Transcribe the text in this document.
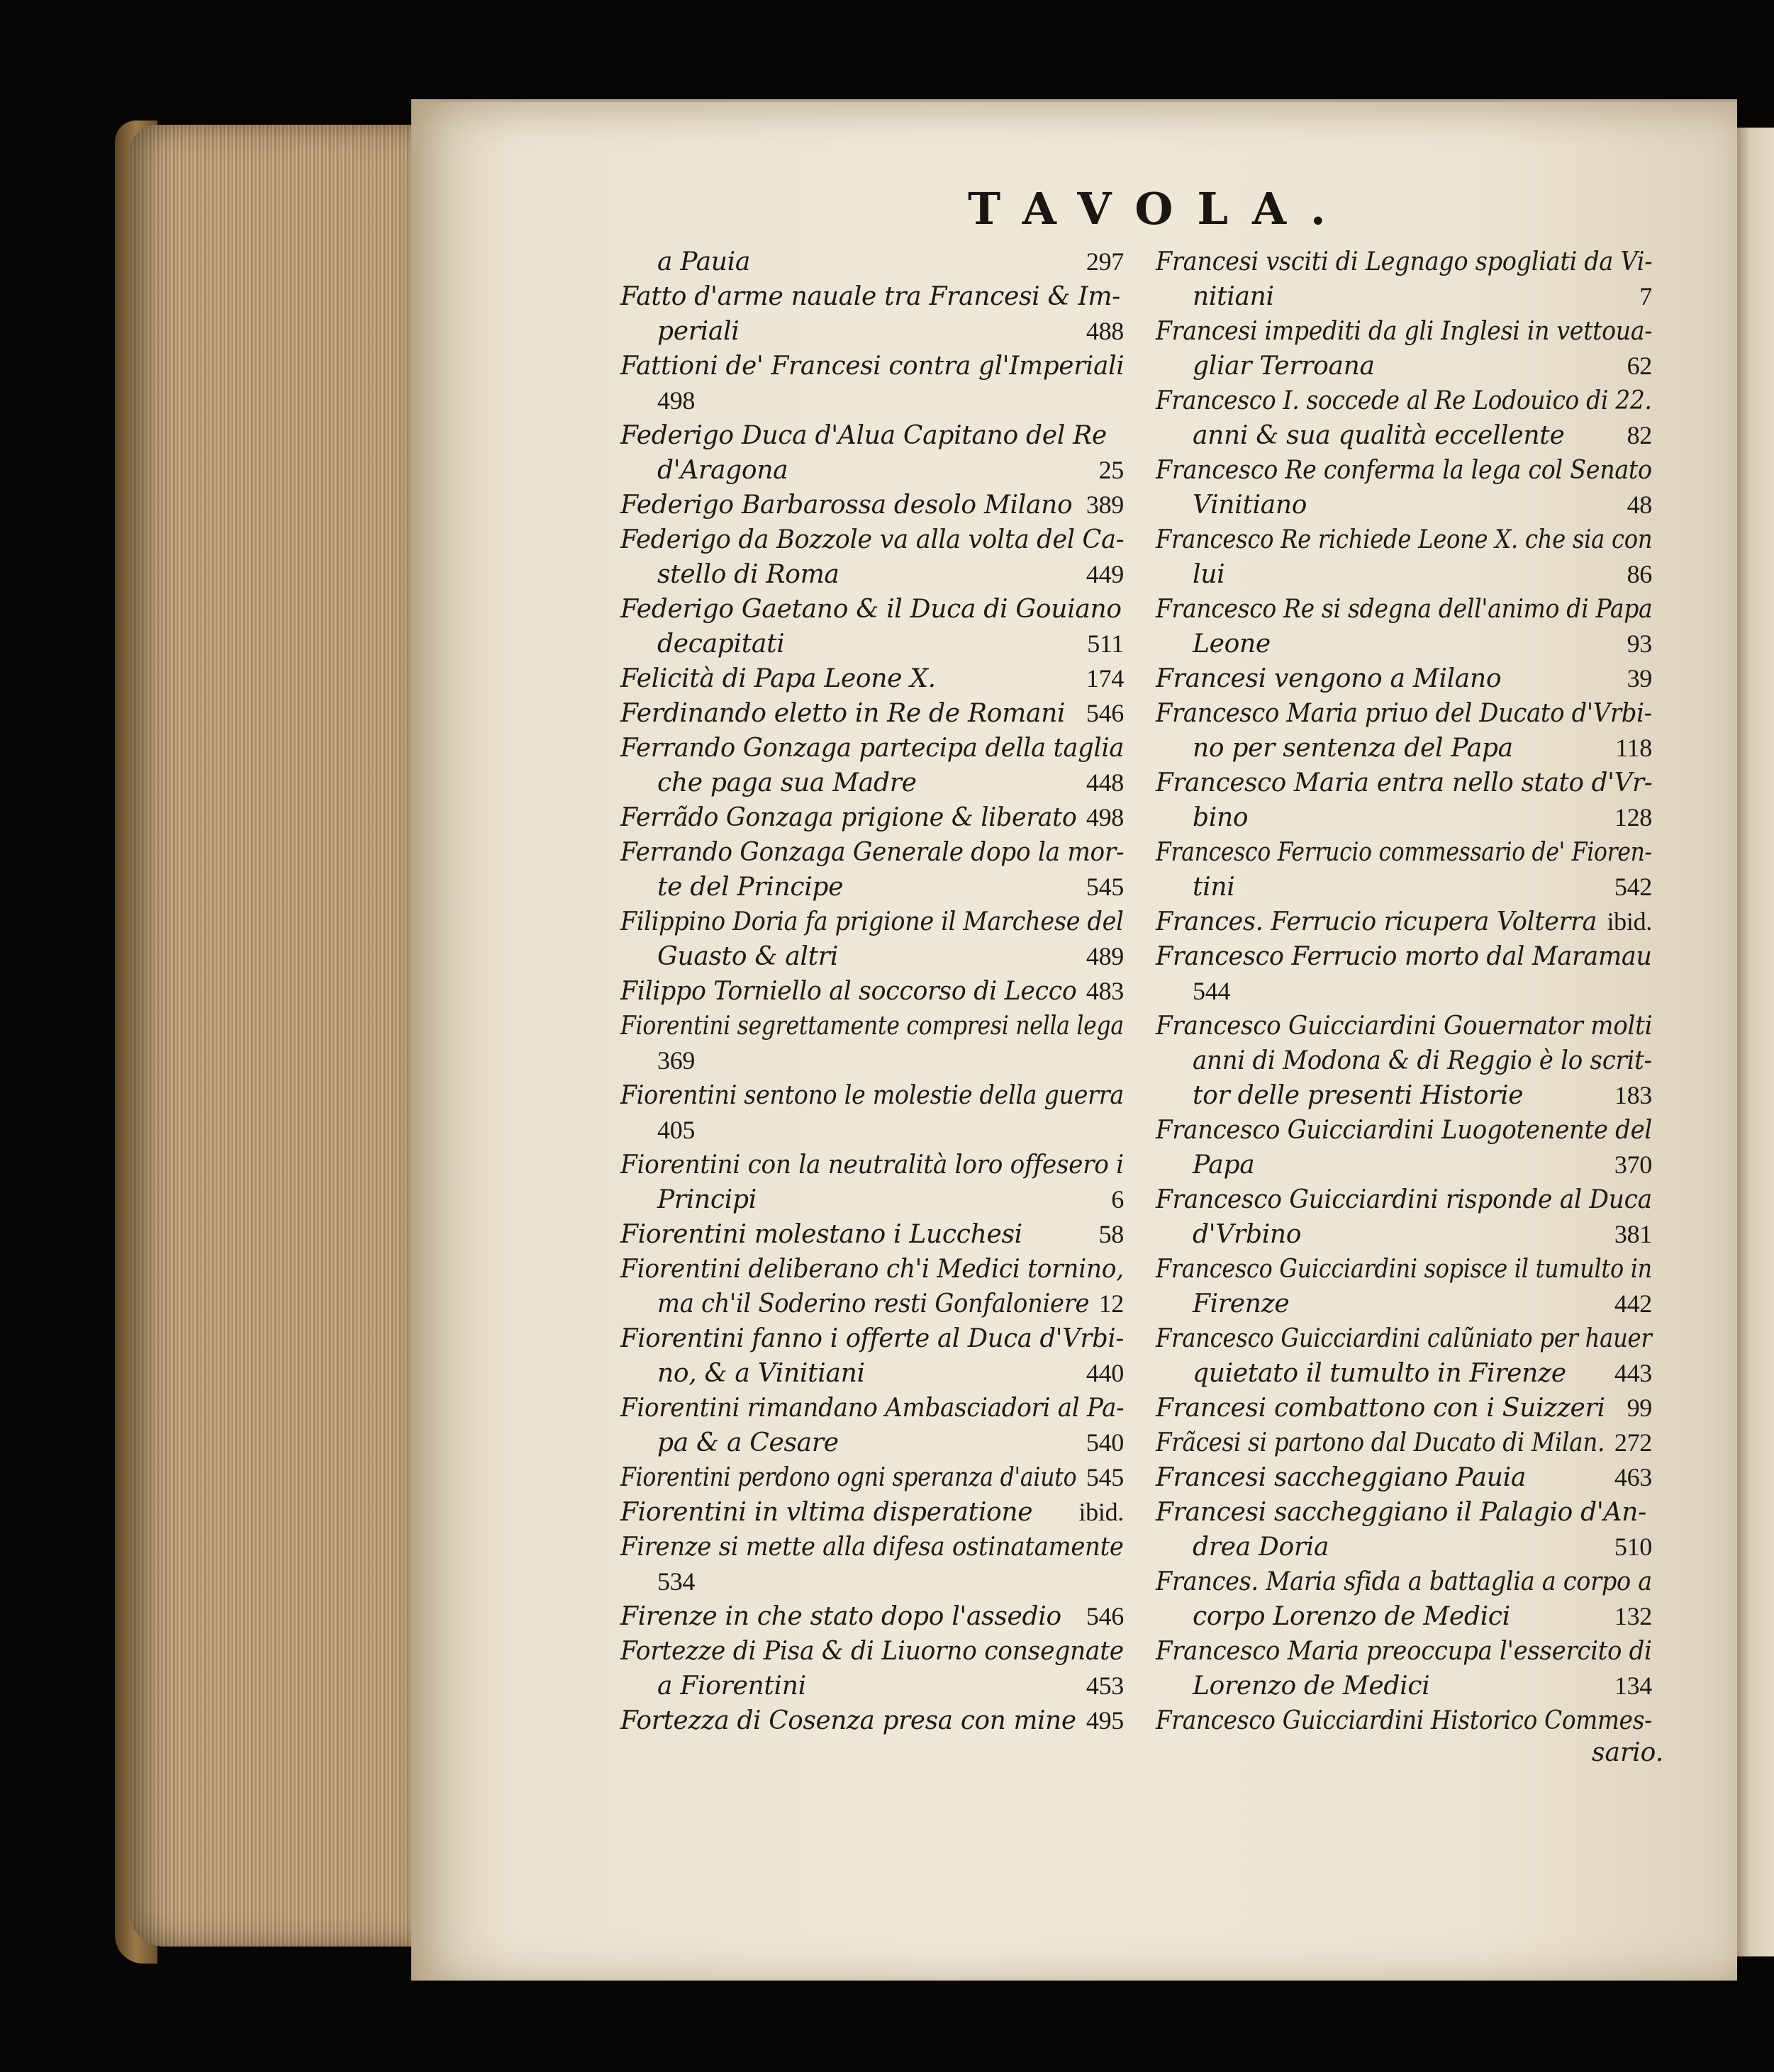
TAVOLA.
a Pauia	297
Fatto d'arme nauale tra Francesi & Im-
periali	488
Fattioni de' Francesi contra gl'Imperiali
498
Federigo Duca d'Alua Capitano del Re
d'Aragona	25
Federigo Barbarossa desolo Milano 389
Federigo da Bozzole va alla volta del Ca-
stello di Roma	449
Federigo Gaetano & il Duca di Gouiano
decapitati	511
Felicità di Papa Leone X.	174
Ferdinando eletto in Re de Romani 546
Ferrando Gonzaga partecipa della taglia
che paga sua Madre	448
Ferrãdo Gonzaga prigione & liberato 498
Ferrando Gonzaga Generale dopo la mor-
te del Principe	545
Filippino Doria fa prigione il Marchese del
Guasto & altri	489
Filippo Torniello al soccorso di Lecco 483
Fiorentini segrettamente compresi nella lega
369
Fiorentini sentono le molestie della guerra
405
Fiorentini con la neutralità loro offesero i
Principi	6
Fiorentini molestano i Lucchesi	58
Fiorentini deliberano ch'i Medici tornino,
ma ch'il Soderino resti Gonfaloniere 12
Fiorentini fanno i offerte al Duca d'Vrbi-
no, & a Vinitiani	440
Fiorentini rimandano Ambasciadori al Pa-
pa & a Cesare	540
Fiorentini perdono ogni speranza d'aiuto 545
Fiorentini in vltima disperatione ibid.
Firenze si mette alla difesa ostinatamente
534
Firenze in che stato dopo l'assedio 546
Fortezze di Pisa & di Liuorno consegnate
a Fiorentini	453
Fortezza di Cosenza presa con mine 495
Francesi vsciti di Legnago spogliati da Vi-
nitiani	7
Francesi impediti da gli Inglesi in vettoua-
gliar Terroana	62
Francesco I. soccede al Re Lodouico di 22.
anni & sua qualità eccellente 82
Francesco Re conferma la lega col Senato
Vinitiano	48
Francesco Re richiede Leone X. che sia con
lui	86
Francesco Re si sdegna dell'animo di Papa
Leone	93
Francesi vengono a Milano	39
Francesco Maria priuo del Ducato d'Vrbi-
no per sentenza del Papa	118
Francesco Maria entra nello stato d'Vr-
bino	128
Francesco Ferrucio commessario de' Fioren-
tini	542
Frances. Ferrucio ricupera Volterra ibid.
Francesco Ferrucio morto dal Maramau
544
Francesco Guicciardini Gouernator molti
anni di Modona & di Reggio è lo scrit-
tor delle presenti Historie	183
Francesco Guicciardini Luogotenente del
Papa	370
Francesco Guicciardini risponde al Duca
d'Vrbino	381
Francesco Guicciardini sopisce il tumulto in
Firenze	442
Francesco Guicciardini calũniato per hauer
quietato il tumulto in Firenze 443
Francesi combattono con i Suizzeri 99
Frãcesi si partono dal Ducato di Milan. 272
Francesi saccheggiano Pauia	463
Francesi saccheggiano il Palagio d'An-
drea Doria	510
Frances. Maria sfida a battaglia a corpo a
corpo Lorenzo de Medici	132
Francesco Maria preoccupa l'essercito di
Lorenzo de Medici	134
Francesco Guicciardini Historico Commes-
sario.
